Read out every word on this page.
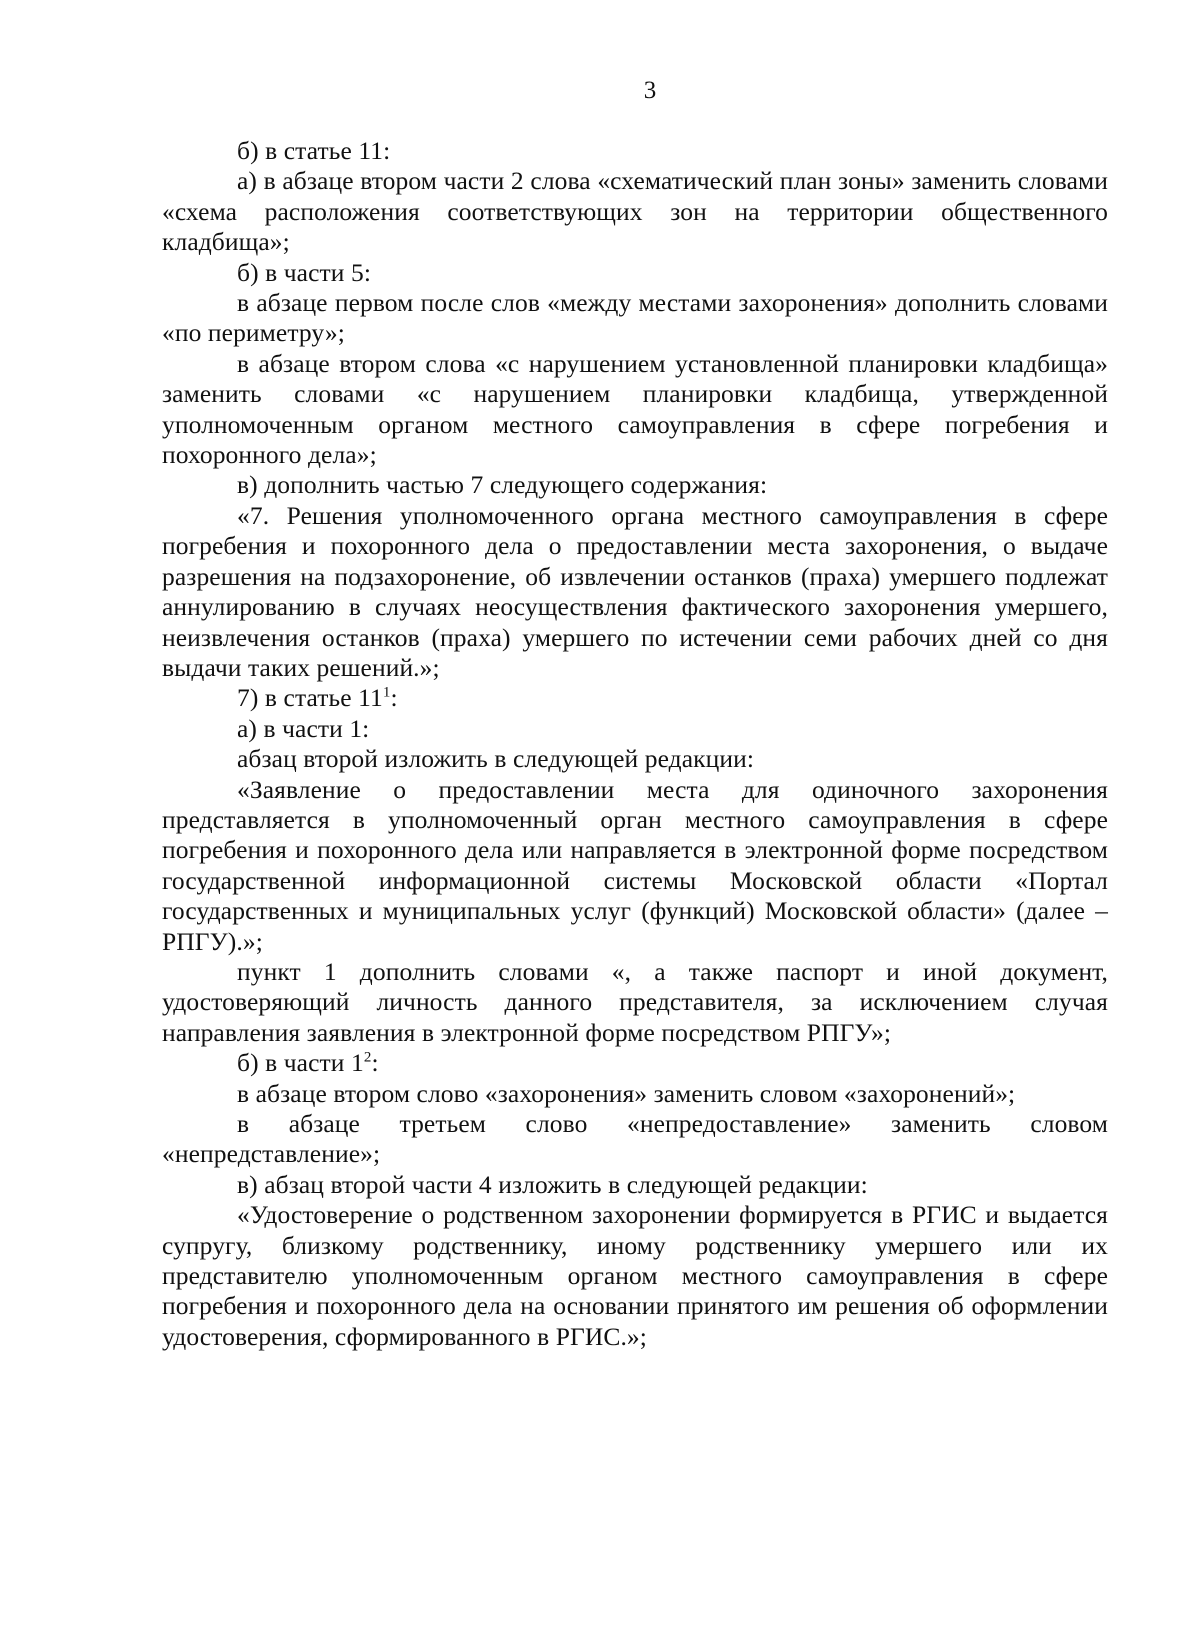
3

б) в статье 11:

а) в абзаце втором части 2 слова «схематический план зоны» заменить словами «схема расположения соответствующих зон на территории общественного кладбища»;

б) в части 5:

в абзаце первом после слов «между местами захоронения» дополнить словами «по периметру»;

в абзаце втором слова «с нарушением установленной планировки кладбища» заменить словами «с нарушением планировки кладбища, утвержденной уполномоченным органом местного самоуправления в сфере погребения и похоронного дела»;

в) дополнить частью 7 следующего содержания:

«7. Решения уполномоченного органа местного самоуправления в сфере погребения и похоронного дела о предоставлении места захоронения, о выдаче разрешения на подзахоронение, об извлечении останков (праха) умершего подлежат аннулированию в случаях неосуществления фактического захоронения умершего, неизвлечения останков (праха) умершего по истечении семи рабочих дней со дня выдачи таких решений.»;

7) в статье $11^1$:

а) в части 1:

абзац второй изложить в следующей редакции:

«Заявление о предоставлении места для одиночного захоронения представляется в уполномоченный орган местного самоуправления в сфере погребения и похоронного дела или направляется в электронной форме посредством государственной информационной системы Московской области «Портал государственных и муниципальных услуг (функций) Московской области» (далее – РПГУ).»;

пункт 1 дополнить словами «, а также паспорт и иной документ, удостоверяющий личность данного представителя, за исключением случая направления заявления в электронной форме посредством РПГУ»;

б) в части $1^2$:

в абзаце втором слово «захоронения» заменить словом «захоронений»;

в абзаце третьем слово «непредоставление» заменить словом «непредставление»;

в) абзац второй части 4 изложить в следующей редакции:

«Удостоверение о родственном захоронении формируется в РГИС и выдается супругу, близкому родственнику, иному родственнику умершего или их представителю уполномоченным органом местного самоуправления в сфере погребения и похоронного дела на основании принятого им решения об оформлении удостоверения, сформированного в РГИС.»;
